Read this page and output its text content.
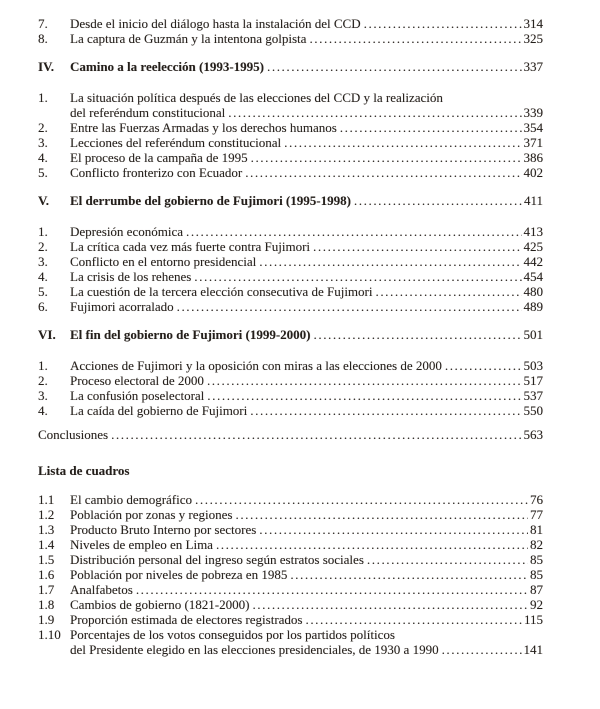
7.	Desde el inicio del diálogo hasta la instalación del CCD .....	314
8.	La captura de Guzmán y la intentona golpista .....	325
IV.	Camino a la reelección (1993-1995) .....	337
1.	La situación política después de las elecciones del CCD y la realización
del referéndum constitucional .....	339
2.	Entre las Fuerzas Armadas y los derechos humanos .....	354
3.	Lecciones del referéndum constitucional .....	371
4.	El proceso de la campaña de 1995 .....	386
5.	Conflicto fronterizo con Ecuador .....	402
V.	El derrumbe del gobierno de Fujimori (1995-1998) .....	411
1.	Depresión económica .....	413
2.	La crítica cada vez más fuerte contra Fujimori .....	425
3.	Conflicto en el entorno presidencial .....	442
4.	La crisis de los rehenes .....	454
5.	La cuestión de la tercera elección consecutiva de Fujimori .....	480
6.	Fujimori acorralado .....	489
VI.	El fin del gobierno de Fujimori (1999-2000) .....	501
1.	Acciones de Fujimori y la oposición con miras a las elecciones de 2000 .....	503
2.	Proceso electoral de 2000 .....	517
3.	La confusión poselectoral .....	537
4.	La caída del gobierno de Fujimori .....	550
Conclusiones .....	563
Lista de cuadros
1.1	El cambio demográfico .....	76
1.2	Población por zonas y regiones .....	77
1.3	Producto Bruto Interno por sectores .....	81
1.4	Niveles de empleo en Lima .....	82
1.5	Distribución personal del ingreso según estratos sociales .....	85
1.6	Población por niveles de pobreza en 1985 .....	85
1.7	Analfabetos .....	87
1.8	Cambios de gobierno (1821-2000) .....	92
1.9	Proporción estimada de electores registrados .....	115
1.10 Porcentajes de los votos conseguidos por los partidos políticos
del Presidente elegido en las elecciones presidenciales, de 1930 a 1990 .....	141
